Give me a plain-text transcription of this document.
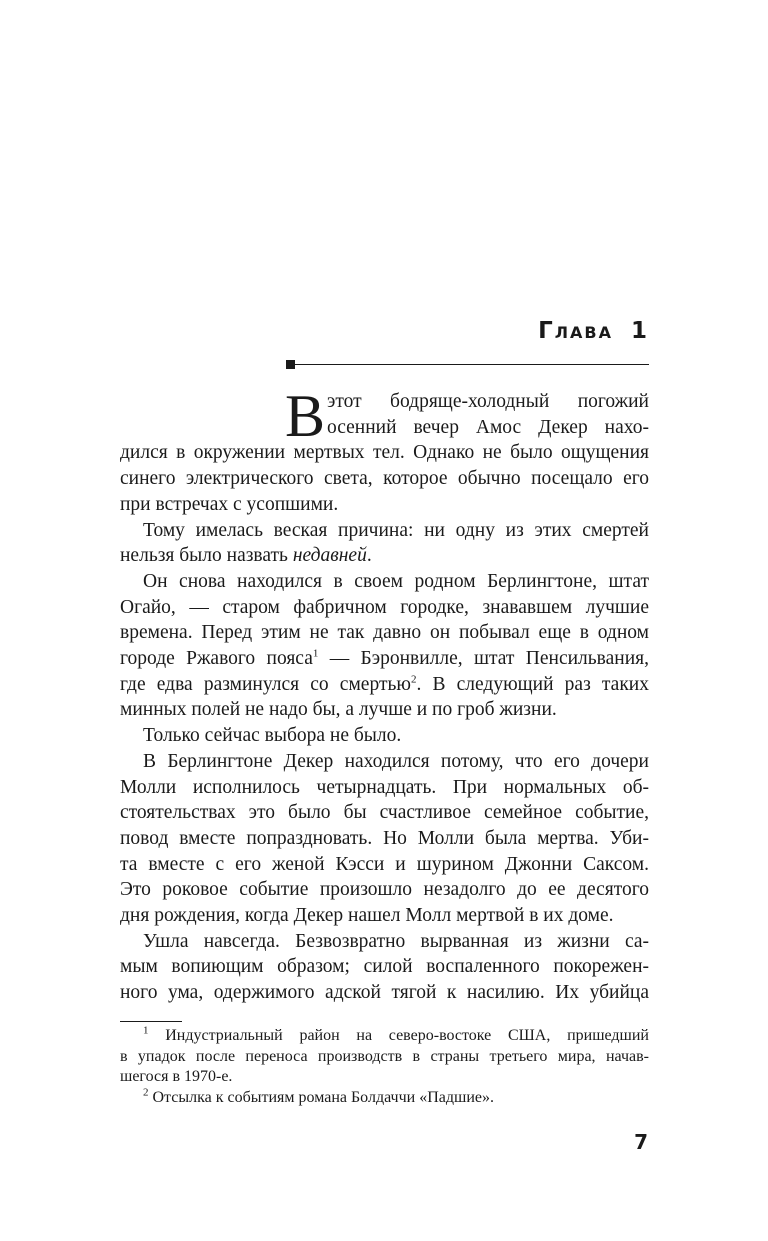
Глава 1
В этот бодряще-холодный погожий
осенний вечер Амос Декер нахо-
дился в окружении мертвых тел. Однако не было ощущения
синего электрического света, которое обычно посещало его
при встречах с усопшими.
Тому имелась веская причина: ни одну из этих смертей
нельзя было назвать недавней.
Он снова находился в своем родном Берлингтоне, штат
Огайо, — старом фабричном городке, знававшем лучшие
времена. Перед этим не так давно он побывал еще в одном
городе Ржавого пояса$^1$ — Бэронвилле, штат Пенсильвания,
где едва разминулся со смертью$^2$. В следующий раз таких
минных полей не надо бы, а лучше и по гроб жизни.
Только сейчас выбора не было.
В Берлингтоне Декер находился потому, что его дочери
Молли исполнилось четырнадцать. При нормальных об-
стоятельствах это было бы счастливое семейное событие,
повод вместе попраздновать. Но Молли была мертва. Уби-
та вместе с его женой Кэсси и шурином Джонни Саксом.
Это роковое событие произошло незадолго до ее десятого
дня рождения, когда Декер нашел Молл мертвой в их доме.
Ушла навсегда. Безвозвратно вырванная из жизни са-
мым вопиющим образом; силой воспаленного покорежен-
ного ума, одержимого адской тягой к насилию. Их убийца
$^1$ Индустриальный район на северо-востоке США, пришедший
в упадок после переноса производств в страны третьего мира, начав-
шегося в 1970-е.
$^2$ Отсылка к событиям романа Болдаччи «Падшие».
7
